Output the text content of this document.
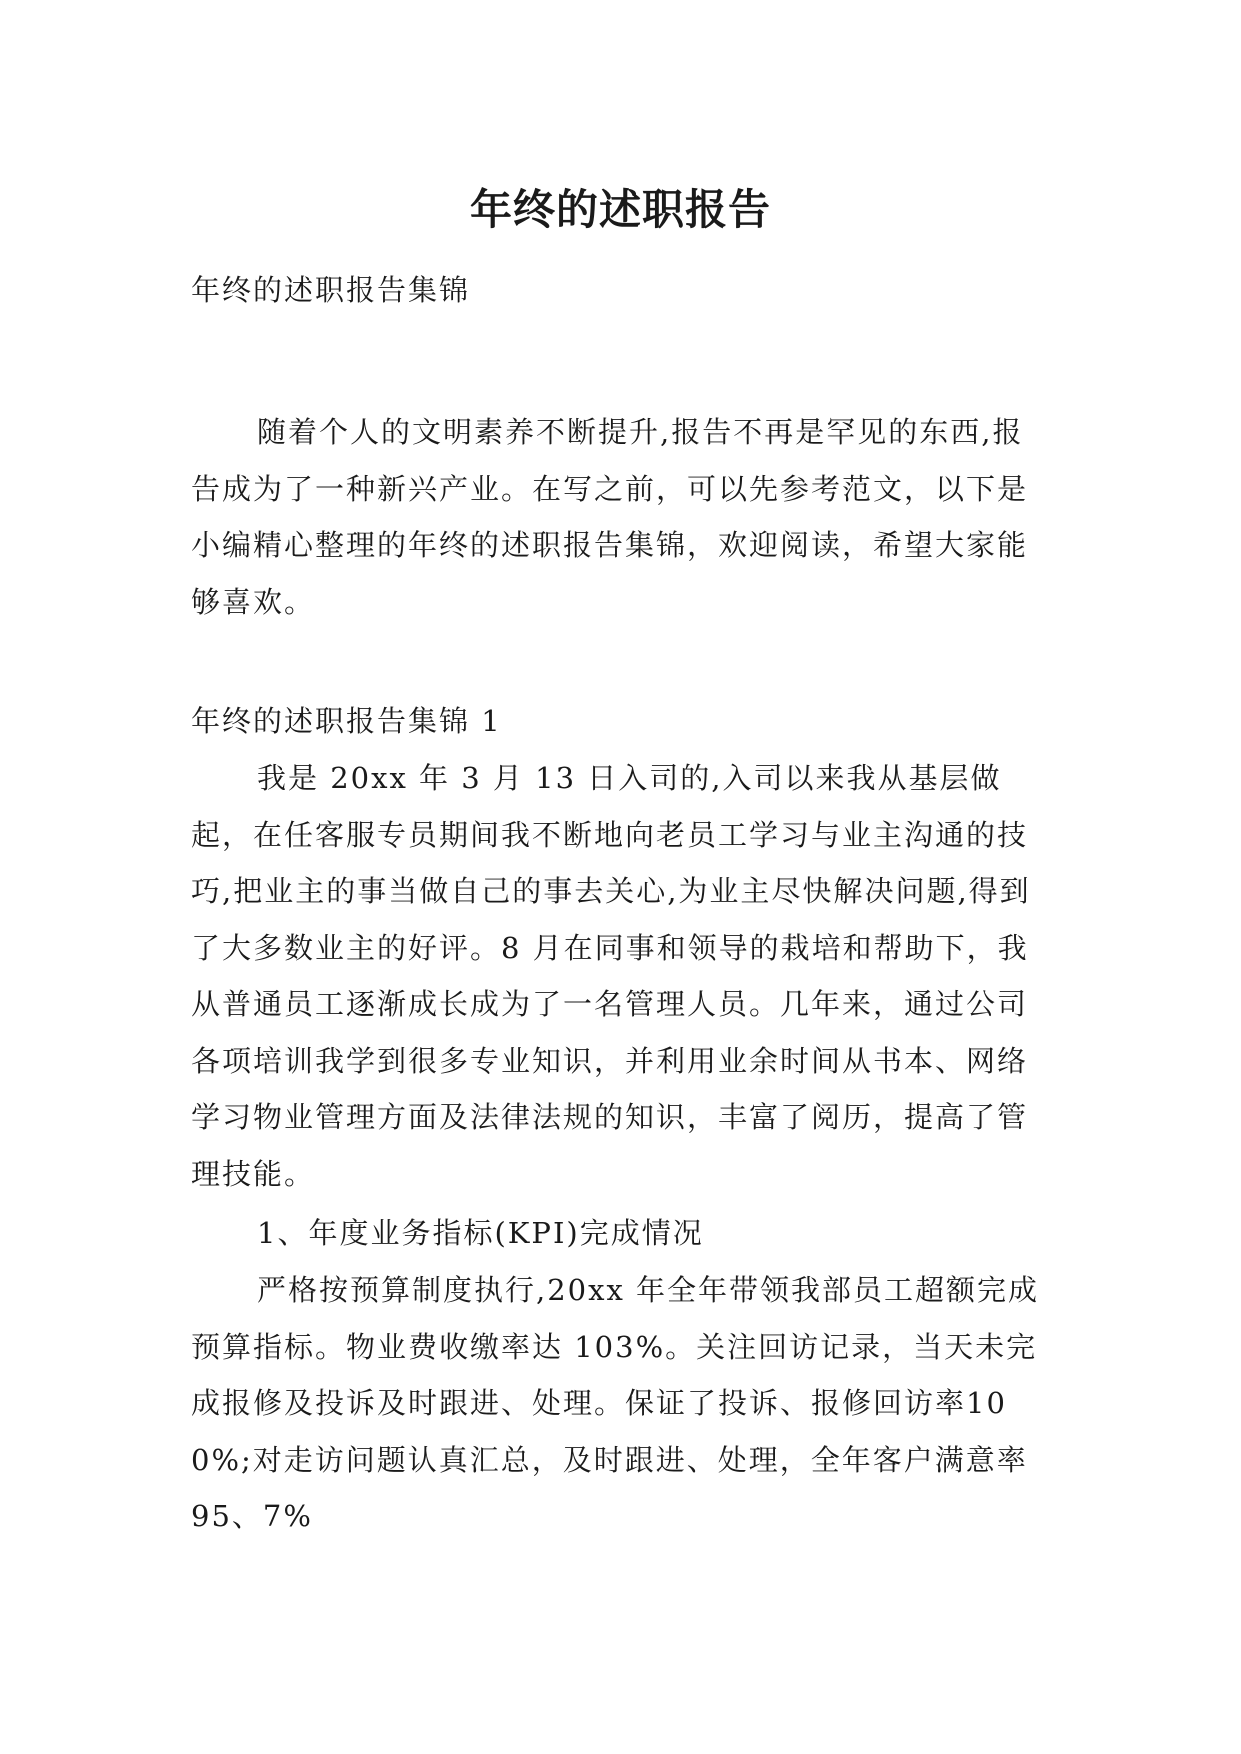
年终的述职报告

年终的述职报告集锦

随着个人的文明素养不断提升,报告不再是罕见的东西,报告成为了一种新兴产业。在写之前，可以先参考范文，以下是小编精心整理的年终的述职报告集锦，欢迎阅读，希望大家能够喜欢。

年终的述职报告集锦 1

我是 20xx 年 3 月 13 日入司的,入司以来我从基层做起，在任客服专员期间我不断地向老员工学习与业主沟通的技巧,把业主的事当做自己的事去关心,为业主尽快解决问题,得到了大多数业主的好评。8 月在同事和领导的栽培和帮助下，我从普通员工逐渐成长成为了一名管理人员。几年来，通过公司各项培训我学到很多专业知识，并利用业余时间从书本、网络学习物业管理方面及法律法规的知识，丰富了阅历，提高了管理技能。

1、年度业务指标(KPI)完成情况

严格按预算制度执行,20xx 年全年带领我部员工超额完成预算指标。物业费收缴率达 103%。关注回访记录，当天未完成报修及投诉及时跟进、处理。保证了投诉、报修回访率100%;对走访问题认真汇总，及时跟进、处理，全年客户满意率 95、7%
